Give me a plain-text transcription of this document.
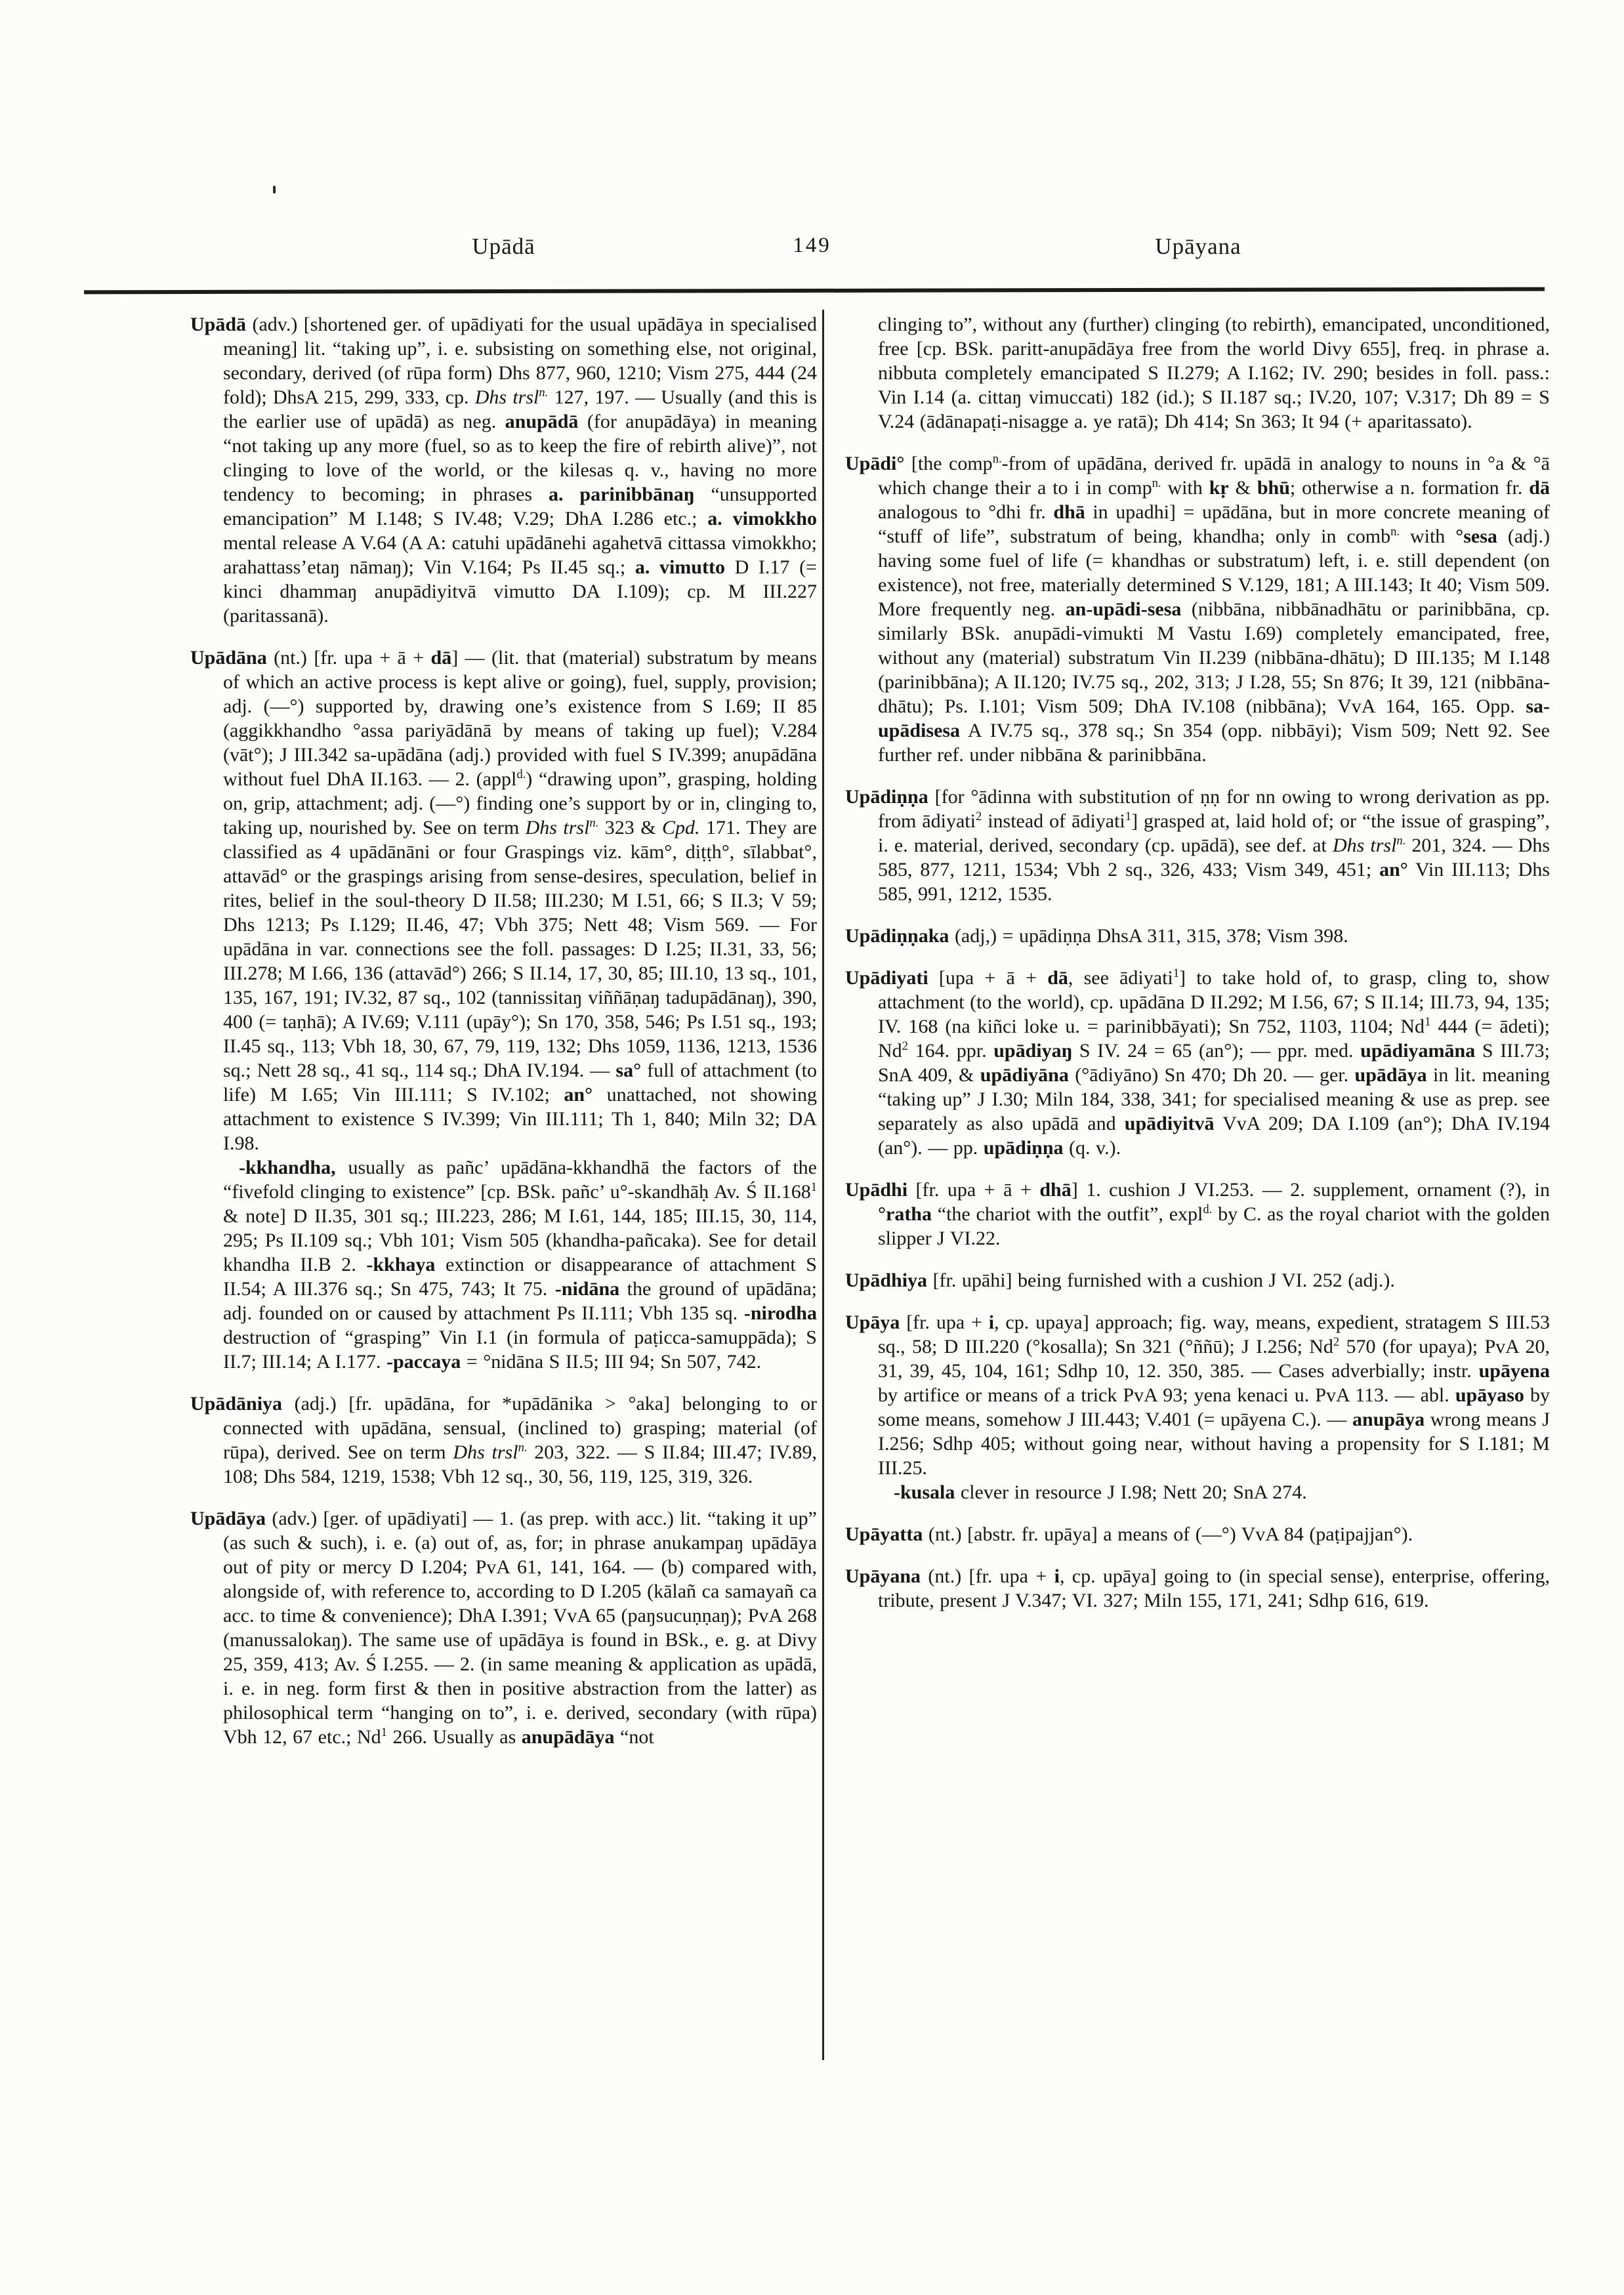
Upādā	149	Upāyana

Upādā (adv.) [shortened ger. of upādiyati for the usual upādāya in specialised meaning] lit. “taking up”, i. e. subsisting on something else, not original, secondary, derived (of rūpa form) Dhs 877, 960, 1210; Vism 275, 444 (24 fold); DhsA 215, 299, 333, cp. Dhs trsl$^{n.}$ 127, 197. — Usually (and this is the earlier use of upādā) as neg. anupādā (for anupādāya) in meaning “not taking up any more (fuel, so as to keep the fire of rebirth alive)”, not clinging to love of the world, or the kilesas q. v., having no more tendency to becoming; in phrases a. parinibbānaŋ “unsupported emancipation” M I.148; S IV.48; V.29; DhA I.286 etc.; a. vimokkho mental release A V.64 (A A: catuhi upādānehi agahetvā cittassa vimokkho; arahattass’etaŋ nāmaŋ); Vin V.164; Ps II.45 sq.; a. vimutto D I.17 (= kinci dhammaŋ anupādiyitvā vimutto DA I.109); cp. M III.227 (paritassanā).

Upādāna (nt.) [fr. upa + ā + dā] — (lit. that (material) substratum by means of which an active process is kept alive or going), fuel, supply, provision; adj. (—°) supported by, drawing one’s existence from S I.69; II 85 (aggikkhandho °assa pariyādānā by means of taking up fuel); V.284 (vāt°); J III.342 sa-upādāna (adj.) provided with fuel S IV.399; anupādāna without fuel DhA II.163. — 2. (appl$^{d.}$) “drawing upon”, grasping, holding on, grip, attachment; adj. (—°) finding one’s support by or in, clinging to, taking up, nourished by. See on term Dhs trsl$^{n.}$ 323 & Cpd. 171. They are classified as 4 upādānāni or four Graspings viz. kām°, diṭṭh°, sīlabbat°, attavād° or the graspings arising from sense-desires, speculation, belief in rites, belief in the soul-theory D II.58; III.230; M I.51, 66; S II.3; V 59; Dhs 1213; Ps I.129; II.46, 47; Vbh 375; Nett 48; Vism 569. — For upādāna in var. connections see the foll. passages: D I.25; II.31, 33, 56; III.278; M I.66, 136 (attavād°) 266; S II.14, 17, 30, 85; III.10, 13 sq., 101, 135, 167, 191; IV.32, 87 sq., 102 (tannissitaŋ viññāṇaŋ tadupādānaŋ), 390, 400 (= taṇhā); A IV.69; V.111 (upāy°); Sn 170, 358, 546; Ps I.51 sq., 193; II.45 sq., 113; Vbh 18, 30, 67, 79, 119, 132; Dhs 1059, 1136, 1213, 1536 sq.; Nett 28 sq., 41 sq., 114 sq.; DhA IV.194. — sa° full of attachment (to life) M I.65; Vin III.111; S IV.102; an° unattached, not showing attachment to existence S IV.399; Vin III.111; Th 1, 840; Miln 32; DA I.98.

-kkhandha, usually as pañc’ upādāna-kkhandhā the factors of the “fivefold clinging to existence” [cp. BSk. pañc’ u°-skandhāḥ Av. Ś II.168$^1$ & note] D II.35, 301 sq.; III.223, 286; M I.61, 144, 185; III.15, 30, 114, 295; Ps II.109 sq.; Vbh 101; Vism 505 (khandha-pañcaka). See for detail khandha II.B 2. -kkhaya extinction or disappearance of attachment S II.54; A III.376 sq.; Sn 475, 743; It 75. -nidāna the ground of upādāna; adj. founded on or caused by attachment Ps II.111; Vbh 135 sq. -nirodha destruction of “grasping” Vin I.1 (in formula of paṭicca-samuppāda); S II.7; III.14; A I.177. -paccaya = °nidāna S II.5; III 94; Sn 507, 742.

Upādāniya (adj.) [fr. upādāna, for *upādānika > °aka] belonging to or connected with upādāna, sensual, (inclined to) grasping; material (of rūpa), derived. See on term Dhs trsl$^{n.}$ 203, 322. — S II.84; III.47; IV.89, 108; Dhs 584, 1219, 1538; Vbh 12 sq., 30, 56, 119, 125, 319, 326.

Upādāya (adv.) [ger. of upādiyati] — 1. (as prep. with acc.) lit. “taking it up” (as such & such), i. e. (a) out of, as, for; in phrase anukampaŋ upādāya out of pity or mercy D I.204; PvA 61, 141, 164. — (b) compared with, alongside of, with reference to, according to D I.205 (kālañ ca samayañ ca acc. to time & convenience); DhA I.391; VvA 65 (paŋsucuṇṇaŋ); PvA 268 (manussalokaŋ). The same use of upādāya is found in BSk., e. g. at Divy 25, 359, 413; Av. Ś I.255. — 2. (in same meaning & application as upādā, i. e. in neg. form first & then in positive abstraction from the latter) as philosophical term “hanging on to”, i. e. derived, secondary (with rūpa) Vbh 12, 67 etc.; Nd$^1$ 266. Usually as anupādāya “not

clinging to”, without any (further) clinging (to rebirth), emancipated, unconditioned, free [cp. BSk. paritt-anupādāya free from the world Divy 655], freq. in phrase a. nibbuta completely emancipated S II.279; A I.162; IV. 290; besides in foll. pass.: Vin I.14 (a. cittaŋ vimuccati) 182 (id.); S II.187 sq.; IV.20, 107; V.317; Dh 89 = S V.24 (ādānapaṭi-nisagge a. ye ratā); Dh 414; Sn 363; It 94 (+ aparitassato).

Upādi° [the comp$^{n.}$-from of upādāna, derived fr. upādā in analogy to nouns in °a & °ā which change their a to i in comp$^{n.}$ with kṛ & bhū; otherwise a n. formation fr. dā analogous to °dhi fr. dhā in upadhi] = upādāna, but in more concrete meaning of “stuff of life”, substratum of being, khandha; only in comb$^{n.}$ with °sesa (adj.) having some fuel of life (= khandhas or substratum) left, i. e. still dependent (on existence), not free, materially determined S V.129, 181; A III.143; It 40; Vism 509. More frequently neg. an-upādi-sesa (nibbāna, nibbānadhātu or parinibbāna, cp. similarly BSk. anupādi-vimukti M Vastu I.69) completely emancipated, free, without any (material) substratum Vin II.239 (nibbāna-dhātu); D III.135; M I.148 (parinibbāna); A II.120; IV.75 sq., 202, 313; J I.28, 55; Sn 876; It 39, 121 (nibbāna-dhātu); Ps. I.101; Vism 509; DhA IV.108 (nibbāna); VvA 164, 165. Opp. sa-upādisesa A IV.75 sq., 378 sq.; Sn 354 (opp. nibbāyi); Vism 509; Nett 92. See further ref. under nibbāna & parinibbāna.

Upādiṇṇa [for °ādinna with substitution of ṇṇ for nn owing to wrong derivation as pp. from ādiyati$^2$ instead of ādiyati$^1$] grasped at, laid hold of; or “the issue of grasping”, i. e. material, derived, secondary (cp. upādā), see def. at Dhs trsl$^{n.}$ 201, 324. — Dhs 585, 877, 1211, 1534; Vbh 2 sq., 326, 433; Vism 349, 451; an° Vin III.113; Dhs 585, 991, 1212, 1535.

Upādiṇṇaka (adj,) = upādiṇṇa DhsA 311, 315, 378; Vism 398.

Upādiyati [upa + ā + dā, see ādiyati$^1$] to take hold of, to grasp, cling to, show attachment (to the world), cp. upādāna D II.292; M I.56, 67; S II.14; III.73, 94, 135; IV. 168 (na kiñci loke u. = parinibbāyati); Sn 752, 1103, 1104; Nd$^1$ 444 (= ādeti); Nd$^2$ 164. ppr. upādiyaŋ S IV. 24 = 65 (an°); — ppr. med. upādiyamāna S III.73; SnA 409, & upādiyāna (°ādiyāno) Sn 470; Dh 20. — ger. upādāya in lit. meaning “taking up” J I.30; Miln 184, 338, 341; for specialised meaning & use as prep. see separately as also upādā and upādiyitvā VvA 209; DA I.109 (an°); DhA IV.194 (an°). — pp. upādiṇṇa (q. v.).

Upādhi [fr. upa + ā + dhā] 1. cushion J VI.253. — 2. supplement, ornament (?), in °ratha “the chariot with the outfit”, expl$^{d.}$ by C. as the royal chariot with the golden slipper J VI.22.

Upādhiya [fr. upāhi] being furnished with a cushion J VI. 252 (adj.).

Upāya [fr. upa + i, cp. upaya] approach; fig. way, means, expedient, stratagem S III.53 sq., 58; D III.220 (°kosalla); Sn 321 (°ññū); J I.256; Nd$^2$ 570 (for upaya); PvA 20, 31, 39, 45, 104, 161; Sdhp 10, 12. 350, 385. — Cases adverbially; instr. upāyena by artifice or means of a trick PvA 93; yena kenaci u. PvA 113. — abl. upāyaso by some means, somehow J III.443; V.401 (= upāyena C.). — anupāya wrong means J I.256; Sdhp 405; without going near, without having a propensity for S I.181; M III.25.

-kusala clever in resource J I.98; Nett 20; SnA 274.

Upāyatta (nt.) [abstr. fr. upāya] a means of (—°) VvA 84 (paṭipajjan°).

Upāyana (nt.) [fr. upa + i, cp. upāya] going to (in special sense), enterprise, offering, tribute, present J V.347; VI. 327; Miln 155, 171, 241; Sdhp 616, 619.
